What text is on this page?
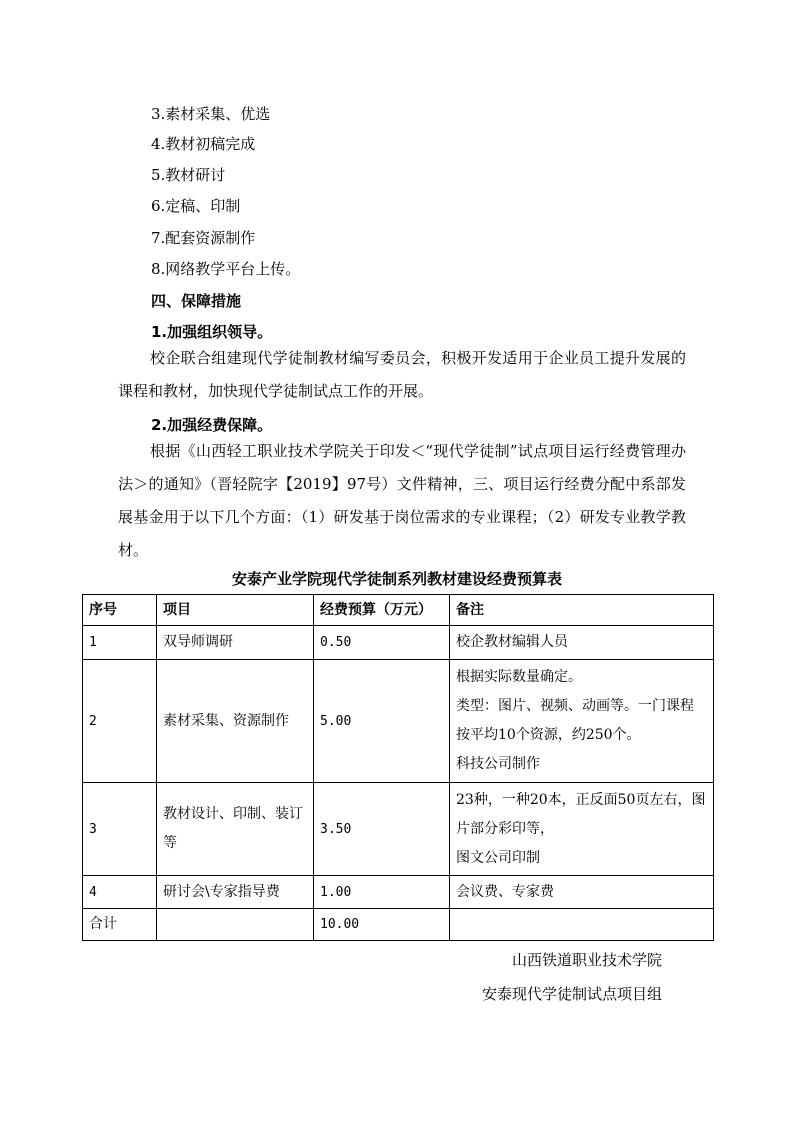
3.素材采集、优选
4.教材初稿完成
5.教材研讨
6.定稿、印制
7.配套资源制作
8.网络教学平台上传。
四、保障措施
1.加强组织领导。
校企联合组建现代学徒制教材编写委员会，积极开发适用于企业员工提升发展的课程和教材，加快现代学徒制试点工作的开展。
2.加强经费保障。
根据《山西轻工职业技术学院关于印发＜“现代学徒制”试点项目运行经费管理办法＞的通知》（晋轻院字【2019】97号）文件精神，三、项目运行经费分配中系部发展基金用于以下几个方面：（1）研发基于岗位需求的专业课程；（2）研发专业教学教材。
安泰产业学院现代学徒制系列教材建设经费预算表
序号	项目	经费预算（万元）	备注
1	双导师调研	0.50	校企教材编辑人员
2	素材采集、资源制作	5.00	根据实际数量确定。
类型：图片、视频、动画等。一门课程按平均10个资源，约250个。
科技公司制作

3	教材设计、印制、装订等	3.50	23种，一种20本，正反面50页左右，图片部分彩印等，
图文公司印制

4	研讨会\专家指导费	1.00	会议费、专家费
合计		10.00	
山西铁道职业技术学院
安泰现代学徒制试点项目组
